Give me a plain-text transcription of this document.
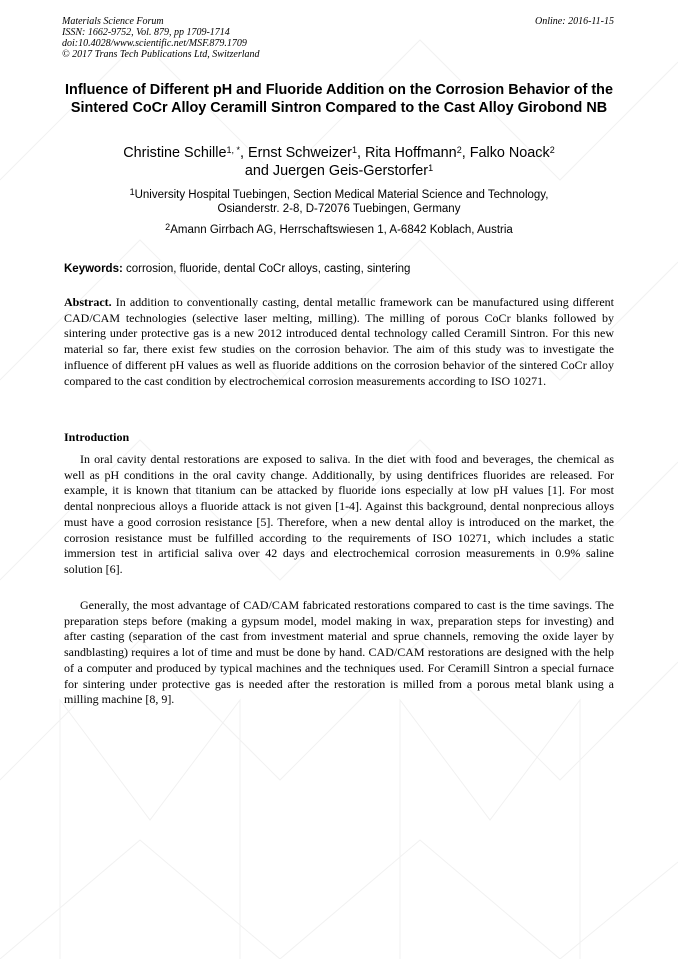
Materials Science Forum
ISSN: 1662-9752, Vol. 879, pp 1709-1714
doi:10.4028/www.scientific.net/MSF.879.1709
© 2017 Trans Tech Publications Ltd, Switzerland
Online: 2016-11-15
Influence of Different pH and Fluoride Addition on the Corrosion Behavior of the Sintered CoCr Alloy Ceramill Sintron Compared to the Cast Alloy Girobond NB
Christine Schille$^{1, *}$, Ernst Schweizer$^1$, Rita Hoffmann$^2$, Falko Noack$^2$
and Juergen Geis-Gerstorfer$^1$
$^1$University Hospital Tuebingen, Section Medical Material Science and Technology,
Osianderstr. 2-8, D-72076 Tuebingen, Germany
$^2$Amann Girrbach AG, Herrschaftswiesen 1, A-6842 Koblach, Austria
Keywords: corrosion, fluoride, dental CoCr alloys, casting, sintering
Abstract. In addition to conventionally casting, dental metallic framework can be manufactured using different CAD/CAM technologies (selective laser melting, milling). The milling of porous CoCr blanks followed by sintering under protective gas is a new 2012 introduced dental technology called Ceramill Sintron. For this new material so far, there exist few studies on the corrosion behavior. The aim of this study was to investigate the influence of different pH values as well as fluoride additions on the corrosion behavior of the sintered CoCr alloy compared to the cast condition by electrochemical corrosion measurements according to ISO 10271.
Introduction
In oral cavity dental restorations are exposed to saliva. In the diet with food and beverages, the chemical as well as pH conditions in the oral cavity change. Additionally, by using dentifrices fluorides are released. For example, it is known that titanium can be attacked by fluoride ions especially at low pH values [1]. For most dental nonprecious alloys a fluoride attack is not given [1-4]. Against this background, dental nonprecious alloys must have a good corrosion resistance [5]. Therefore, when a new dental alloy is introduced on the market, the corrosion resistance must be fulfilled according to the requirements of ISO 10271, which includes a static immersion test in artificial saliva over 42 days and electrochemical corrosion measurements in 0.9% saline solution [6].
Generally, the most advantage of CAD/CAM fabricated restorations compared to cast is the time savings. The preparation steps before (making a gypsum model, model making in wax, preparation steps for investing) and after casting (separation of the cast from investment material and sprue channels, removing the oxide layer by sandblasting) requires a lot of time and must be done by hand. CAD/CAM restorations are designed with the help of a computer and produced by typical machines and the techniques used. For Ceramill Sintron a special furnace for sintering under protective gas is needed after the restoration is milled from a porous metal blank using a milling machine [8, 9].
